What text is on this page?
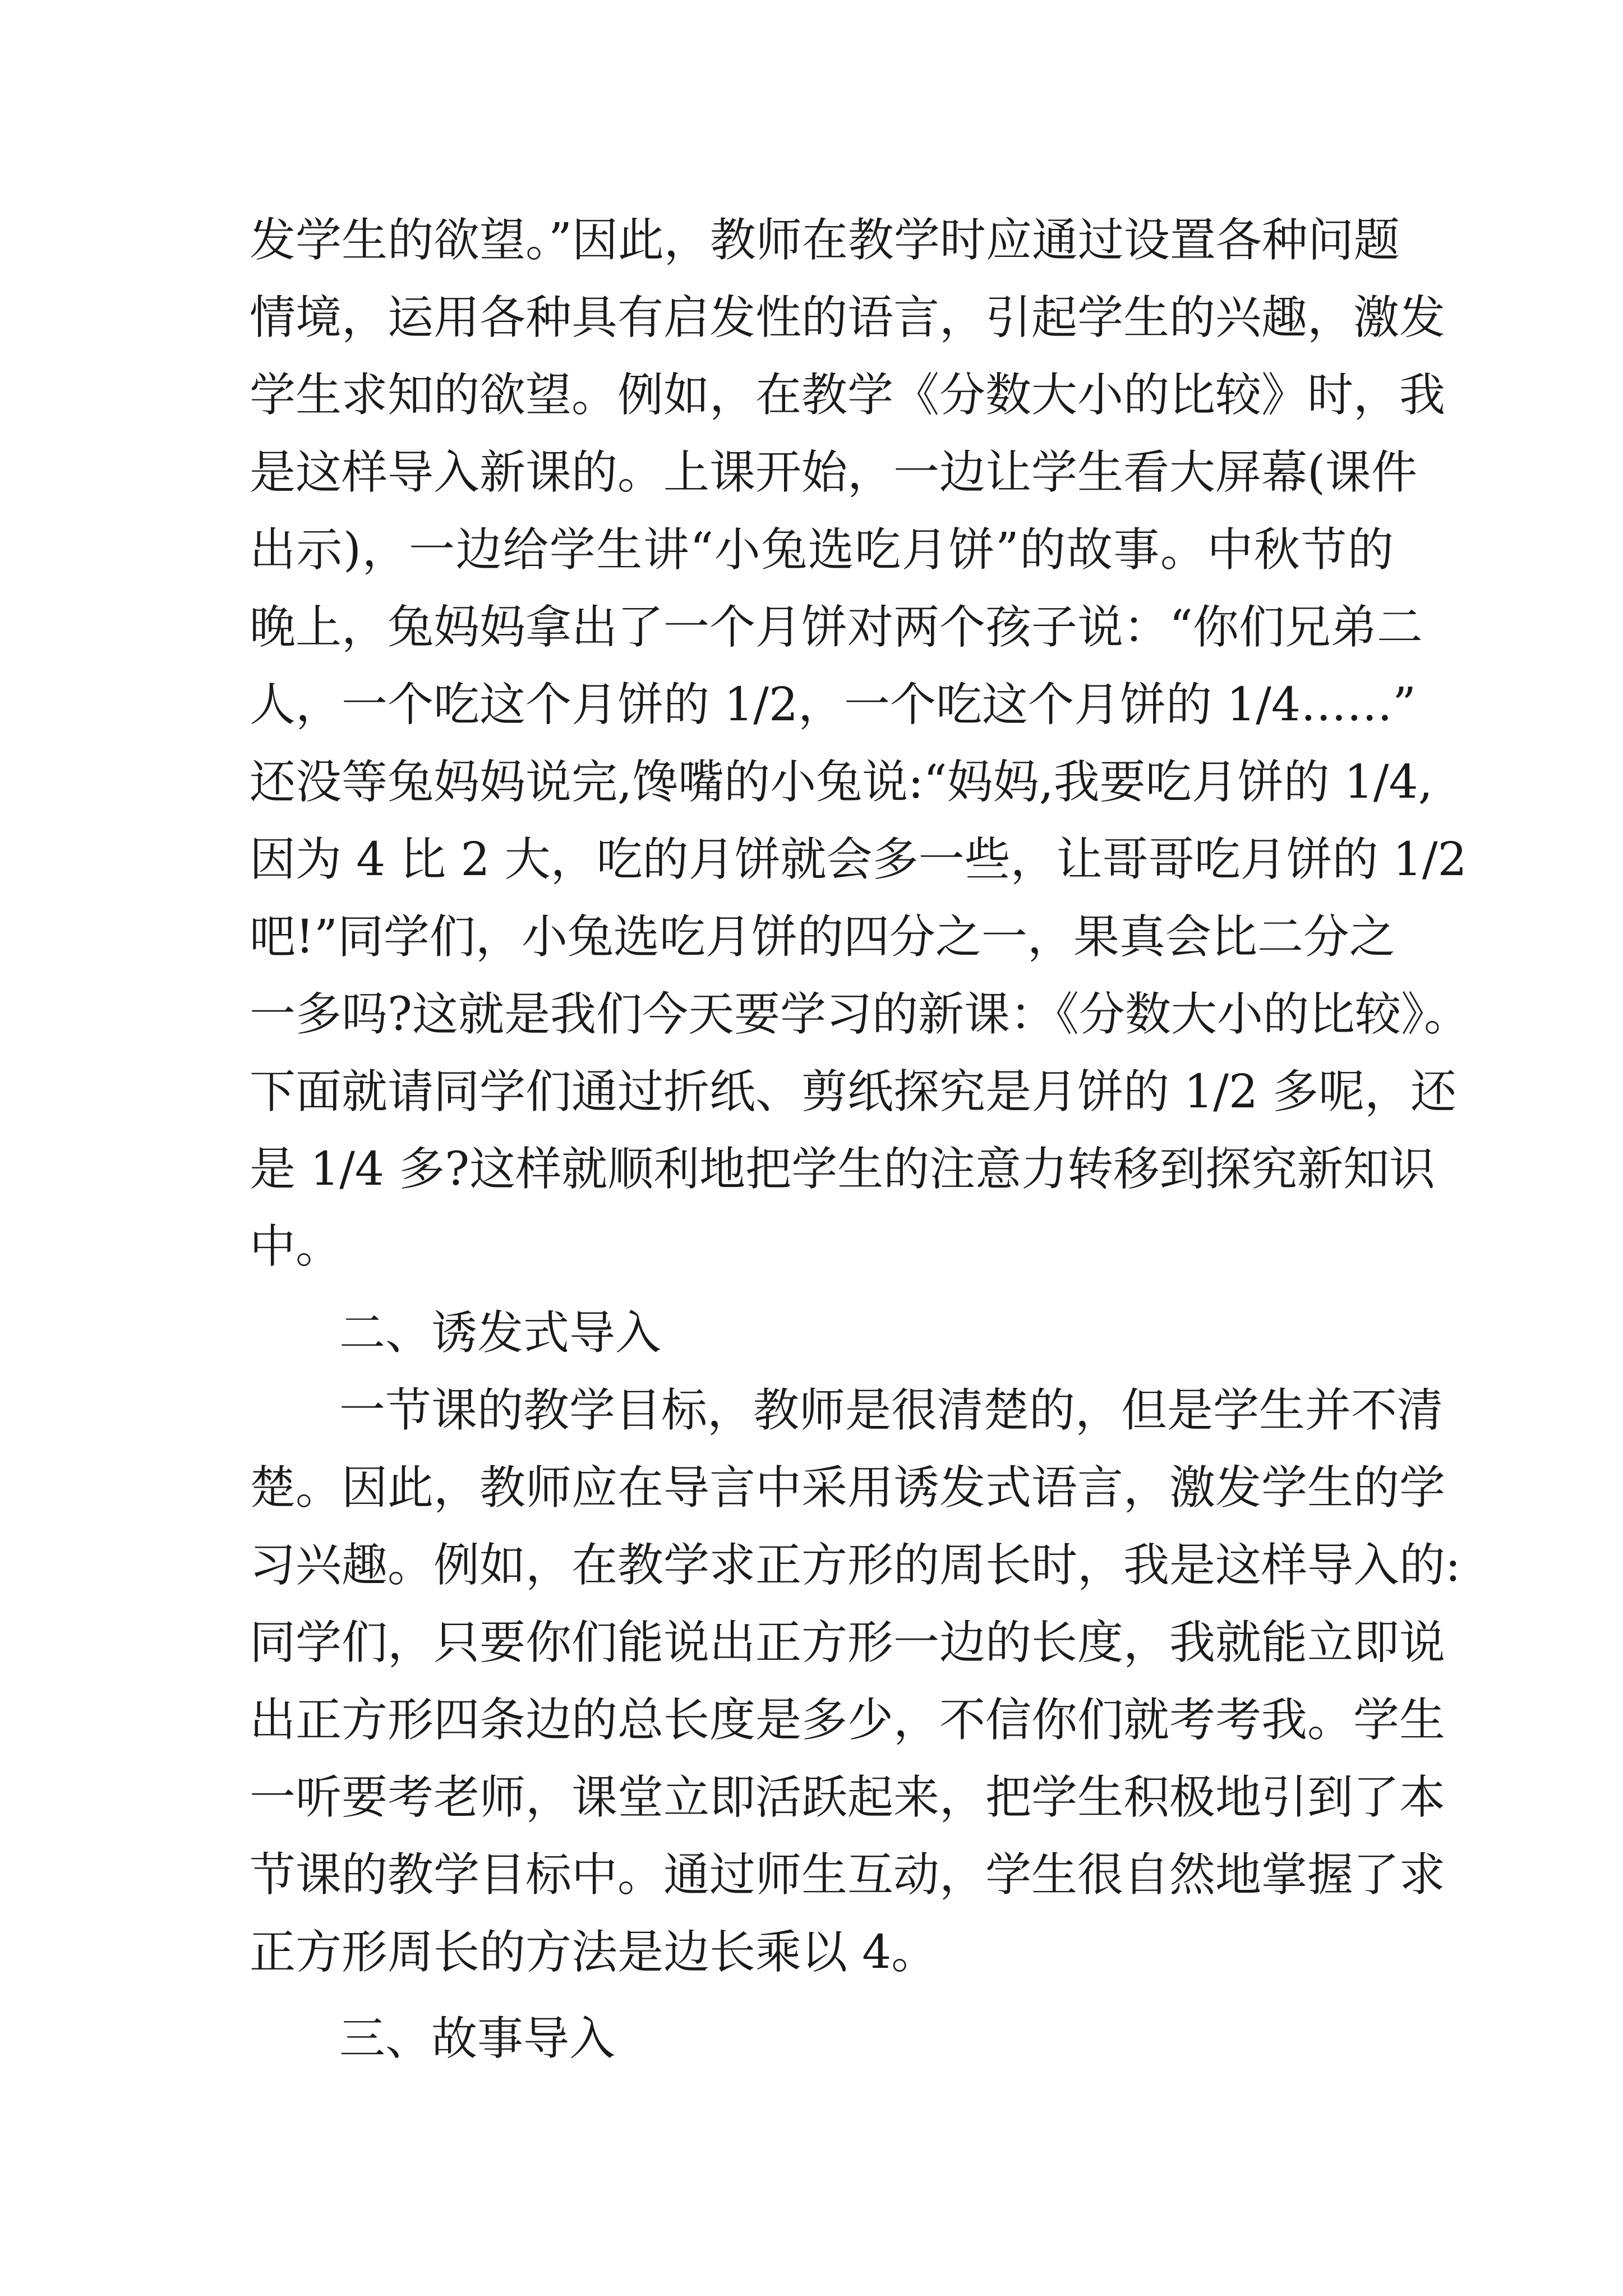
发学生的欲望。”因此，教师在教学时应通过设置各种问题
情境，运用各种具有启发性的语言，引起学生的兴趣，激发
学生求知的欲望。例如，在教学《分数大小的比较》时，我
是这样导入新课的。上课开始，一边让学生看大屏幕(课件
出示)，一边给学生讲“小兔选吃月饼”的故事。中秋节的
晚上，兔妈妈拿出了一个月饼对两个孩子说：“你们兄弟二
人，一个吃这个月饼的 1/2，一个吃这个月饼的 1/4……”
还没等兔妈妈说完,馋嘴的小兔说:“妈妈,我要吃月饼的 1/4,
因为 4 比 2 大，吃的月饼就会多一些，让哥哥吃月饼的 1/2
吧!”同学们，小兔选吃月饼的四分之一，果真会比二分之
一多吗?这就是我们今天要学习的新课：《分数大小的比较》。
下面就请同学们通过折纸、剪纸探究是月饼的 1/2 多呢，还
是 1/4 多?这样就顺利地把学生的注意力转移到探究新知识
中。
二、诱发式导入
一节课的教学目标，教师是很清楚的，但是学生并不清
楚。因此，教师应在导言中采用诱发式语言，激发学生的学
习兴趣。例如，在教学求正方形的周长时，我是这样导入的:
同学们，只要你们能说出正方形一边的长度，我就能立即说
出正方形四条边的总长度是多少，不信你们就考考我。学生
一听要考老师，课堂立即活跃起来，把学生积极地引到了本
节课的教学目标中。通过师生互动，学生很自然地掌握了求
正方形周长的方法是边长乘以 4。
三、故事导入
